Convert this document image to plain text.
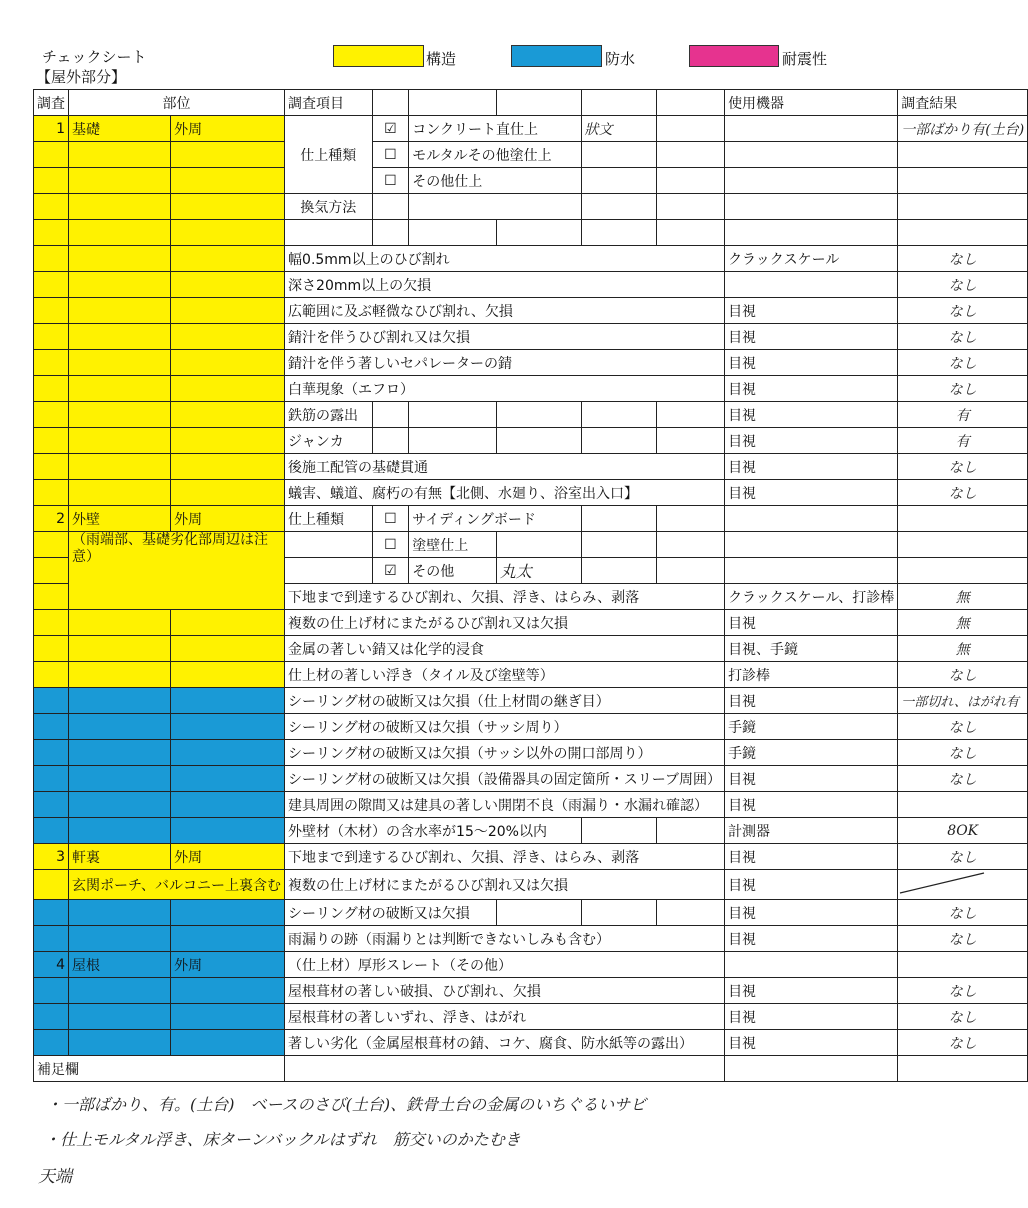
チェックシート
【屋外部分】
構造	防水	耐震性
調査	部位		調査項目						使用機器	調査結果
1	基礎	外周	仕上種類	☑	コンクリート直仕上		狀文			一部ばかり有(土台)
				☐	モルタルその他塗仕上					
				☐	その他仕上					
			換気方法							

			幅0.5mm以上のひび割れ						クラックスケール	なし
			深さ20mm以上の欠損							なし
			広範囲に及ぶ軽微なひび割れ、欠損						目視	なし
			錆汁を伴うひび割れ又は欠損						目視	なし
			錆汁を伴う著しいセパレーターの錆						目視	なし
			白華現象（エフロ）						目視	なし
			鉄筋の露出						目視	有
			ジャンカ						目視	有
			後施工配管の基礎貫通						目視	なし
			蟻害、蟻道、腐朽の有無【北側、水廻り、浴室出入口】						目視	なし
2	外壁	外周	仕上種類	☐	サイディングボード					
	（雨端部、基礎劣化部周辺は注意）			☐	塗壁仕上					
				☑	その他	丸太				
			下地まで到達するひび割れ、欠損、浮き、はらみ、剥落						クラックスケール、打診棒	無
			複数の仕上げ材にまたがるひび割れ又は欠損						目視	無
			金属の著しい錆又は化学的浸食						目視、手鏡	無
			仕上材の著しい浮き（タイル及び塗壁等）						打診棒	なし
			シーリング材の破断又は欠損（仕上材間の継ぎ目）						目視	一部切れ、はがれ有
			シーリング材の破断又は欠損（サッシ周り）						手鏡	なし
			シーリング材の破断又は欠損（サッシ以外の開口部周り）						手鏡	なし
			シーリング材の破断又は欠損（設備器具の固定箇所・スリーブ周囲）						目視	なし
			建具周囲の隙間又は建具の著しい開閉不良（雨漏り・水漏れ確認）						目視	
			外壁材（木材）の含水率が15～20%以内						計測器	8OK
3	軒裏	外周	下地まで到達するひび割れ、欠損、浮き、はらみ、剥落						目視	なし
	玄関ポーチ、バルコニー上裏含む		複数の仕上げ材にまたがるひび割れ又は欠損						目視	
			シーリング材の破断又は欠損						目視	なし
			雨漏りの跡（雨漏りとは判断できないしみも含む）						目視	なし
4	屋根	外周	（仕上材）厚形スレート（その他）							
			屋根葺材の著しい破損、ひび割れ、欠損						目視	なし
			屋根葺材の著しいずれ、浮き、はがれ						目視	なし
			著しい劣化（金属屋根葺材の錆、コケ、腐食、防水紙等の露出）						目視	なし
補足欄										
・一部ばかり、有。(土台)　ベースのさび(土台)、鉄骨土台の金属のいちぐるいサビ
・仕上モルタル浮き、床ターンバックルはずれ　筋交いのかたむき
天端
